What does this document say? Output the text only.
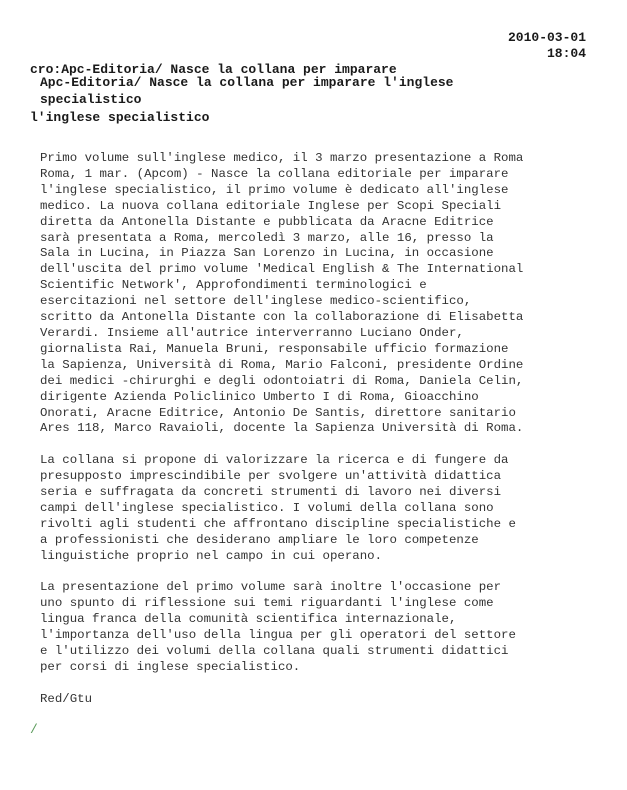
cro:Apc-Editoria/ Nasce la collana per imparare

l'inglese specialistico

2010-03-01
18:04
Apc-Editoria/ Nasce la collana per imparare l'inglese
specialistico
Primo volume sull'inglese medico, il 3 marzo presentazione a Roma
Roma, 1 mar. (Apcom) - Nasce la collana editoriale per imparare
l'inglese specialistico, il primo volume è dedicato all'inglese
medico. La nuova collana editoriale Inglese per Scopi Speciali
diretta da Antonella Distante e pubblicata da Aracne Editrice
sarà presentata a Roma, mercoledì 3 marzo, alle 16, presso la
Sala in Lucina, in Piazza San Lorenzo in Lucina, in occasione
dell'uscita del primo volume 'Medical English & The International
Scientific Network', Approfondimenti terminologici e
esercitazioni nel settore dell'inglese medico-scientifico,
scritto da Antonella Distante con la collaborazione di Elisabetta
Verardi. Insieme all'autrice interverranno Luciano Onder,
giornalista Rai, Manuela Bruni, responsabile ufficio formazione
la Sapienza, Università di Roma, Mario Falconi, presidente Ordine
dei medici -chirurghi e degli odontoiatri di Roma, Daniela Celin,
dirigente Azienda Policlinico Umberto I di Roma, Gioacchino
Onorati, Aracne Editrice, Antonio De Santis, direttore sanitario
Ares 118, Marco Ravaioli, docente la Sapienza Università di Roma.
La collana si propone di valorizzare la ricerca e di fungere da
presupposto imprescindibile per svolgere un'attività didattica
seria e suffragata da concreti strumenti di lavoro nei diversi
campi dell'inglese specialistico. I volumi della collana sono
rivolti agli studenti che affrontano discipline specialistiche e
a professionisti che desiderano ampliare le loro competenze
linguistiche proprio nel campo in cui operano.
La presentazione del primo volume sarà inoltre l'occasione per
uno spunto di riflessione sui temi riguardanti l'inglese come
lingua franca della comunità scientifica internazionale,
l'importanza dell'uso della lingua per gli operatori del settore
e l'utilizzo dei volumi della collana quali strumenti didattici
per corsi di inglese specialistico.
Red/Gtu
/
